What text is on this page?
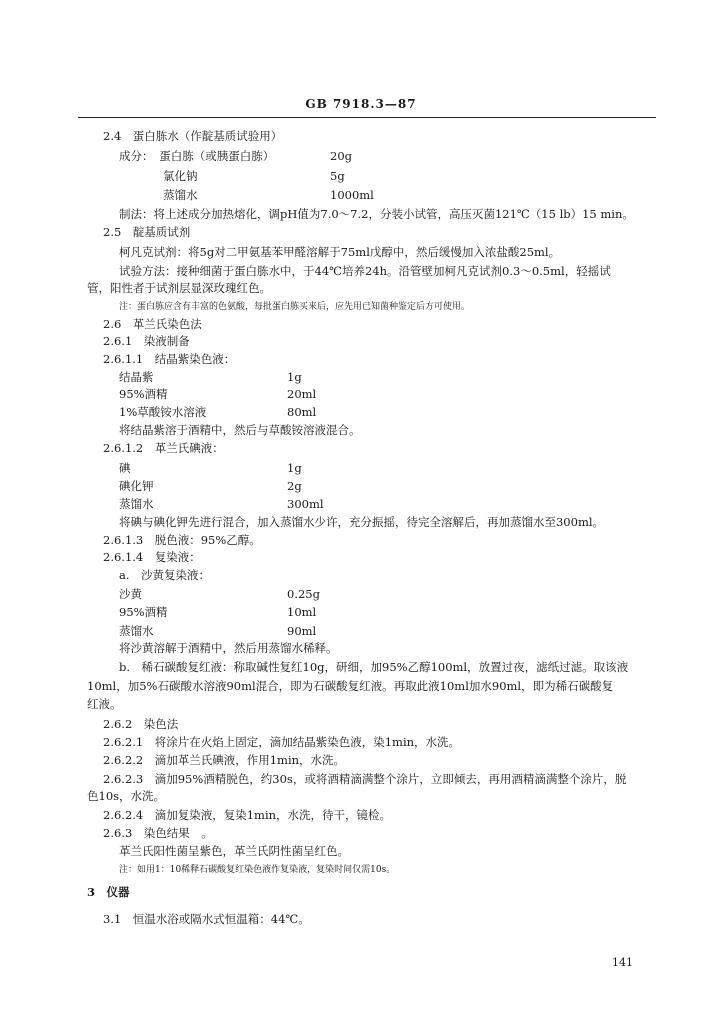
GB 7918.3—87
2.4　蛋白胨水（作靛基质试验用）
成分：　蛋白胨（或胰蛋白胨）	20g
氯化钠	5g
蒸馏水	1000ml
制法：将上述成分加热熔化，调pH值为7.0～7.2，分装小试管，高压灭菌121℃（15 lb）15 min。
2.5　靛基质试剂
柯凡克试剂：将5g对二甲氨基苯甲醛溶解于75ml戊醇中，然后缓慢加入浓盐酸25ml。
试验方法：接种细菌于蛋白胨水中，于44℃培养24h。沿管壁加柯凡克试剂0.3～0.5ml，轻摇试
管，阳性者于试剂层显深玫瑰红色。
注：蛋白胨应含有丰富的色氨酸，每批蛋白胨买来后，应先用已知菌种鉴定后方可使用。
2.6　革兰氏染色法
2.6.1　染液制备
2.6.1.1　结晶紫染色液：
结晶紫	1g
95%酒精	20ml
1%草酸铵水溶液	80ml
将结晶紫溶于酒精中，然后与草酸铵溶液混合。
2.6.1.2　革兰氏碘液：
碘	1g
碘化钾	2g
蒸馏水	300ml
将碘与碘化钾先进行混合，加入蒸馏水少许，充分振摇，待完全溶解后，再加蒸馏水至300ml。
2.6.1.3　脱色液：95%乙醇。
2.6.1.4　复染液：
a.　沙黄复染液：
沙黄	0.25g
95%酒精	10ml
蒸馏水	90ml
将沙黄溶解于酒精中，然后用蒸馏水稀释。
b.　稀石碳酸复红液：称取碱性复红10g，研细，加95%乙醇100ml，放置过夜，滤纸过滤。取该液
10ml，加5%石碳酸水溶液90ml混合，即为石碳酸复红液。再取此液10ml加水90ml，即为稀石碳酸复
红液。
2.6.2　染色法
2.6.2.1　将涂片在火焰上固定，滴加结晶紫染色液，染1min，水洗。
2.6.2.2　滴加革兰氏碘液，作用1min，水洗。
2.6.2.3　滴加95%酒精脱色，约30s，或将酒精滴满整个涂片，立即倾去，再用酒精滴满整个涂片，脱
色10s，水洗。
2.6.2.4　滴加复染液，复染1min，水洗，待干，镜检。
2.6.3　染色结果　。
革兰氏阳性菌呈紫色，革兰氏阴性菌呈红色。
注：如用1：10稀释石碳酸复红染色液作复染液，复染时间仅需10s。
3　仪器
3.1　恒温水浴或隔水式恒温箱：44℃。
141
